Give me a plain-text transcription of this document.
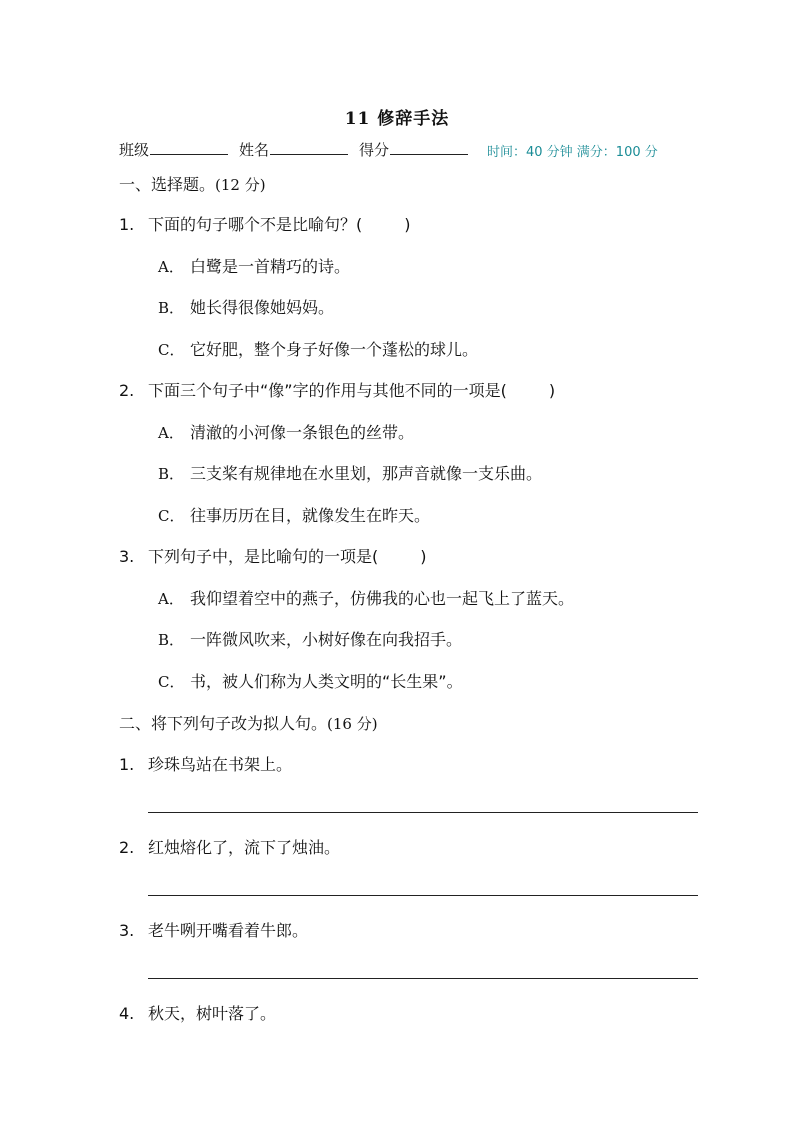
11 修辞手法
班级	姓名	得分	时间：40 分钟 满分：100 分
一、选择题。(12 分)
1. 下面的句子哪个不是比喻句？(	)
A． 白鹭是一首精巧的诗。
B． 她长得很像她妈妈。
C． 它好肥，整个身子好像一个蓬松的球儿。
2. 下面三个句子中“像”字的作用与其他不同的一项是(	)
A． 清澈的小河像一条银色的丝带。
B． 三支桨有规律地在水里划，那声音就像一支乐曲。
C． 往事历历在目，就像发生在昨天。
3. 下列句子中，是比喻句的一项是(	)
A． 我仰望着空中的燕子，仿佛我的心也一起飞上了蓝天。
B． 一阵微风吹来，小树好像在向我招手。
C． 书，被人们称为人类文明的“长生果”。
二、将下列句子改为拟人句。(16 分)
1. 珍珠鸟站在书架上。
2. 红烛熔化了，流下了烛油。
3. 老牛咧开嘴看着牛郎。
4. 秋天，树叶落了。
